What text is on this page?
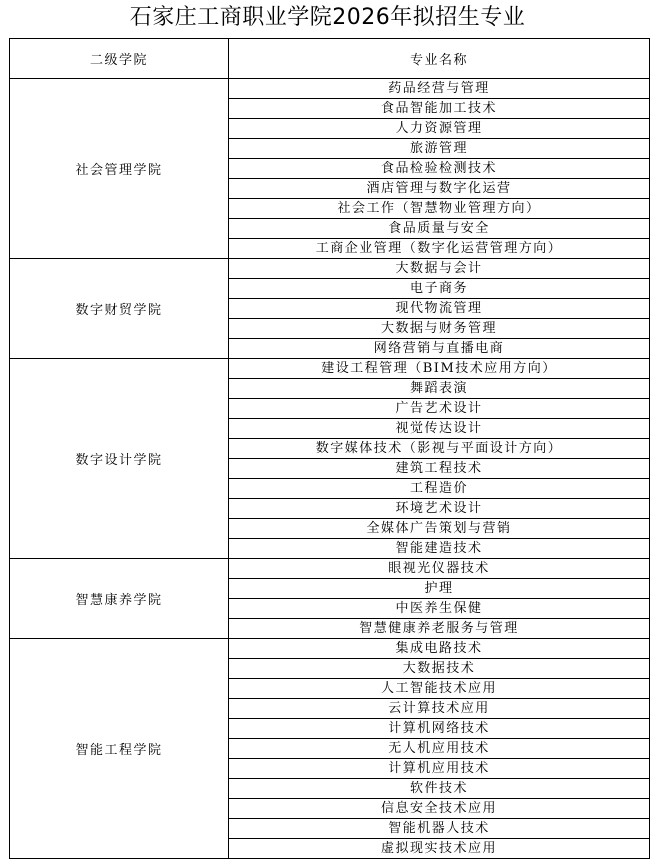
石家庄工商职业学院2026年拟招生专业
二级学院	专业名称
社会管理学院	药品经营与管理
	食品智能加工技术
	人力资源管理
	旅游管理
	食品检验检测技术
	酒店管理与数字化运营
	社会工作（智慧物业管理方向）
	食品质量与安全
	工商企业管理（数字化运营管理方向）
数字财贸学院	大数据与会计
	电子商务
	现代物流管理
	大数据与财务管理
	网络营销与直播电商
数字设计学院	建设工程管理（BIM技术应用方向）
	舞蹈表演
	广告艺术设计
	视觉传达设计
	数字媒体技术（影视与平面设计方向）
	建筑工程技术
	工程造价
	环境艺术设计
	全媒体广告策划与营销
	智能建造技术
智慧康养学院	眼视光仪器技术
	护理
	中医养生保健
	智慧健康养老服务与管理
智能工程学院	集成电路技术
	大数据技术
	人工智能技术应用
	云计算技术应用
	计算机网络技术
	无人机应用技术
	计算机应用技术
	软件技术
	信息安全技术应用
	智能机器人技术
	虚拟现实技术应用
